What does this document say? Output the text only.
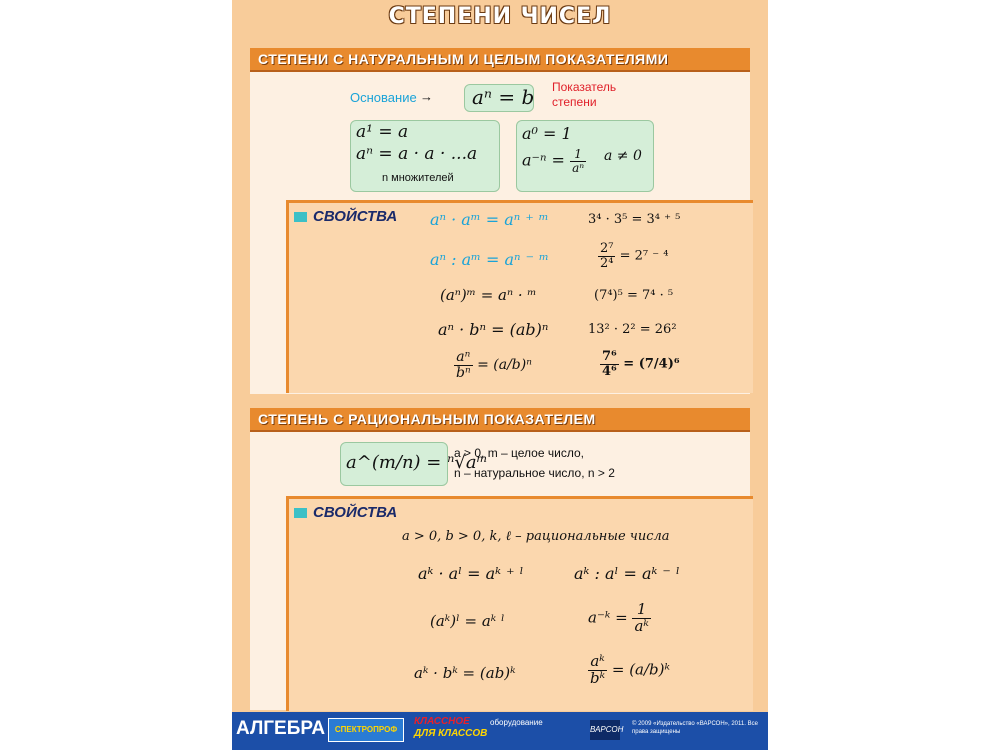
СТЕПЕНИ ЧИСЕЛ
СТЕПЕНИ С НАТУРАЛЬНЫМ И ЦЕЛЫМ ПОКАЗАТЕЛЯМИ
Основание → aⁿ = b Показатель
степени
a¹ = a
aⁿ = a · a · ...a
n множителей
a⁰ = 1
$a^{-n} = \frac{1}{\text{aⁿ}}$ a ≠ 0
СВОЙСТВА aⁿ · aᵐ = aⁿ ⁺ ᵐ	3⁴ · 3⁵ = 3⁴ ⁺ ⁵
aⁿ : aᵐ = aⁿ ⁻ ᵐ	$\frac{\text{2⁷}}{\text{2⁴}} = 2^7$ ⁻ ⁴
(aⁿ)ᵐ = aⁿ · ᵐ	(7⁴)⁵ = 7⁴ · ⁵
aⁿ · bⁿ = (ab)ⁿ	13² · 2² = 26²
$\frac{\text{aⁿ}}{\text{bⁿ}} = (a/b)^n$	$\frac{\text{7⁶}}{\text{4⁶}} = (7/4)^6$
СТЕПЕНЬ С РАЦИОНАЛЬНЫМ ПОКАЗАТЕЛЕМ
a^(m/n) = ⁿ√aᵐ
a > 0, m – целое число,
n – натуральное число, n > 2
СВОЙСТВА
a > 0, b > 0, k, ℓ – рациональные числа
aᵏ · aˡ = aᵏ ⁺ ˡ	aᵏ : aˡ = aᵏ ⁻ ˡ
(aᵏ)ˡ = aᵏ ˡ	a⁻ᵏ = $\frac{1}{\text{aᵏ}}$
aᵏ · bᵏ = (ab)ᵏ	$\frac{\text{aᵏ}}{\text{bᵏ}}$ = (a/b)ᵏ
АЛГЕБРА	СПЕКТРОПРОФ
КЛАССНОЕ
ДЛЯ КЛАССОВ
оборудование
ВАРСОН
© 2009 «Издательство «ВАРСОН», 2011. Все права защищены
